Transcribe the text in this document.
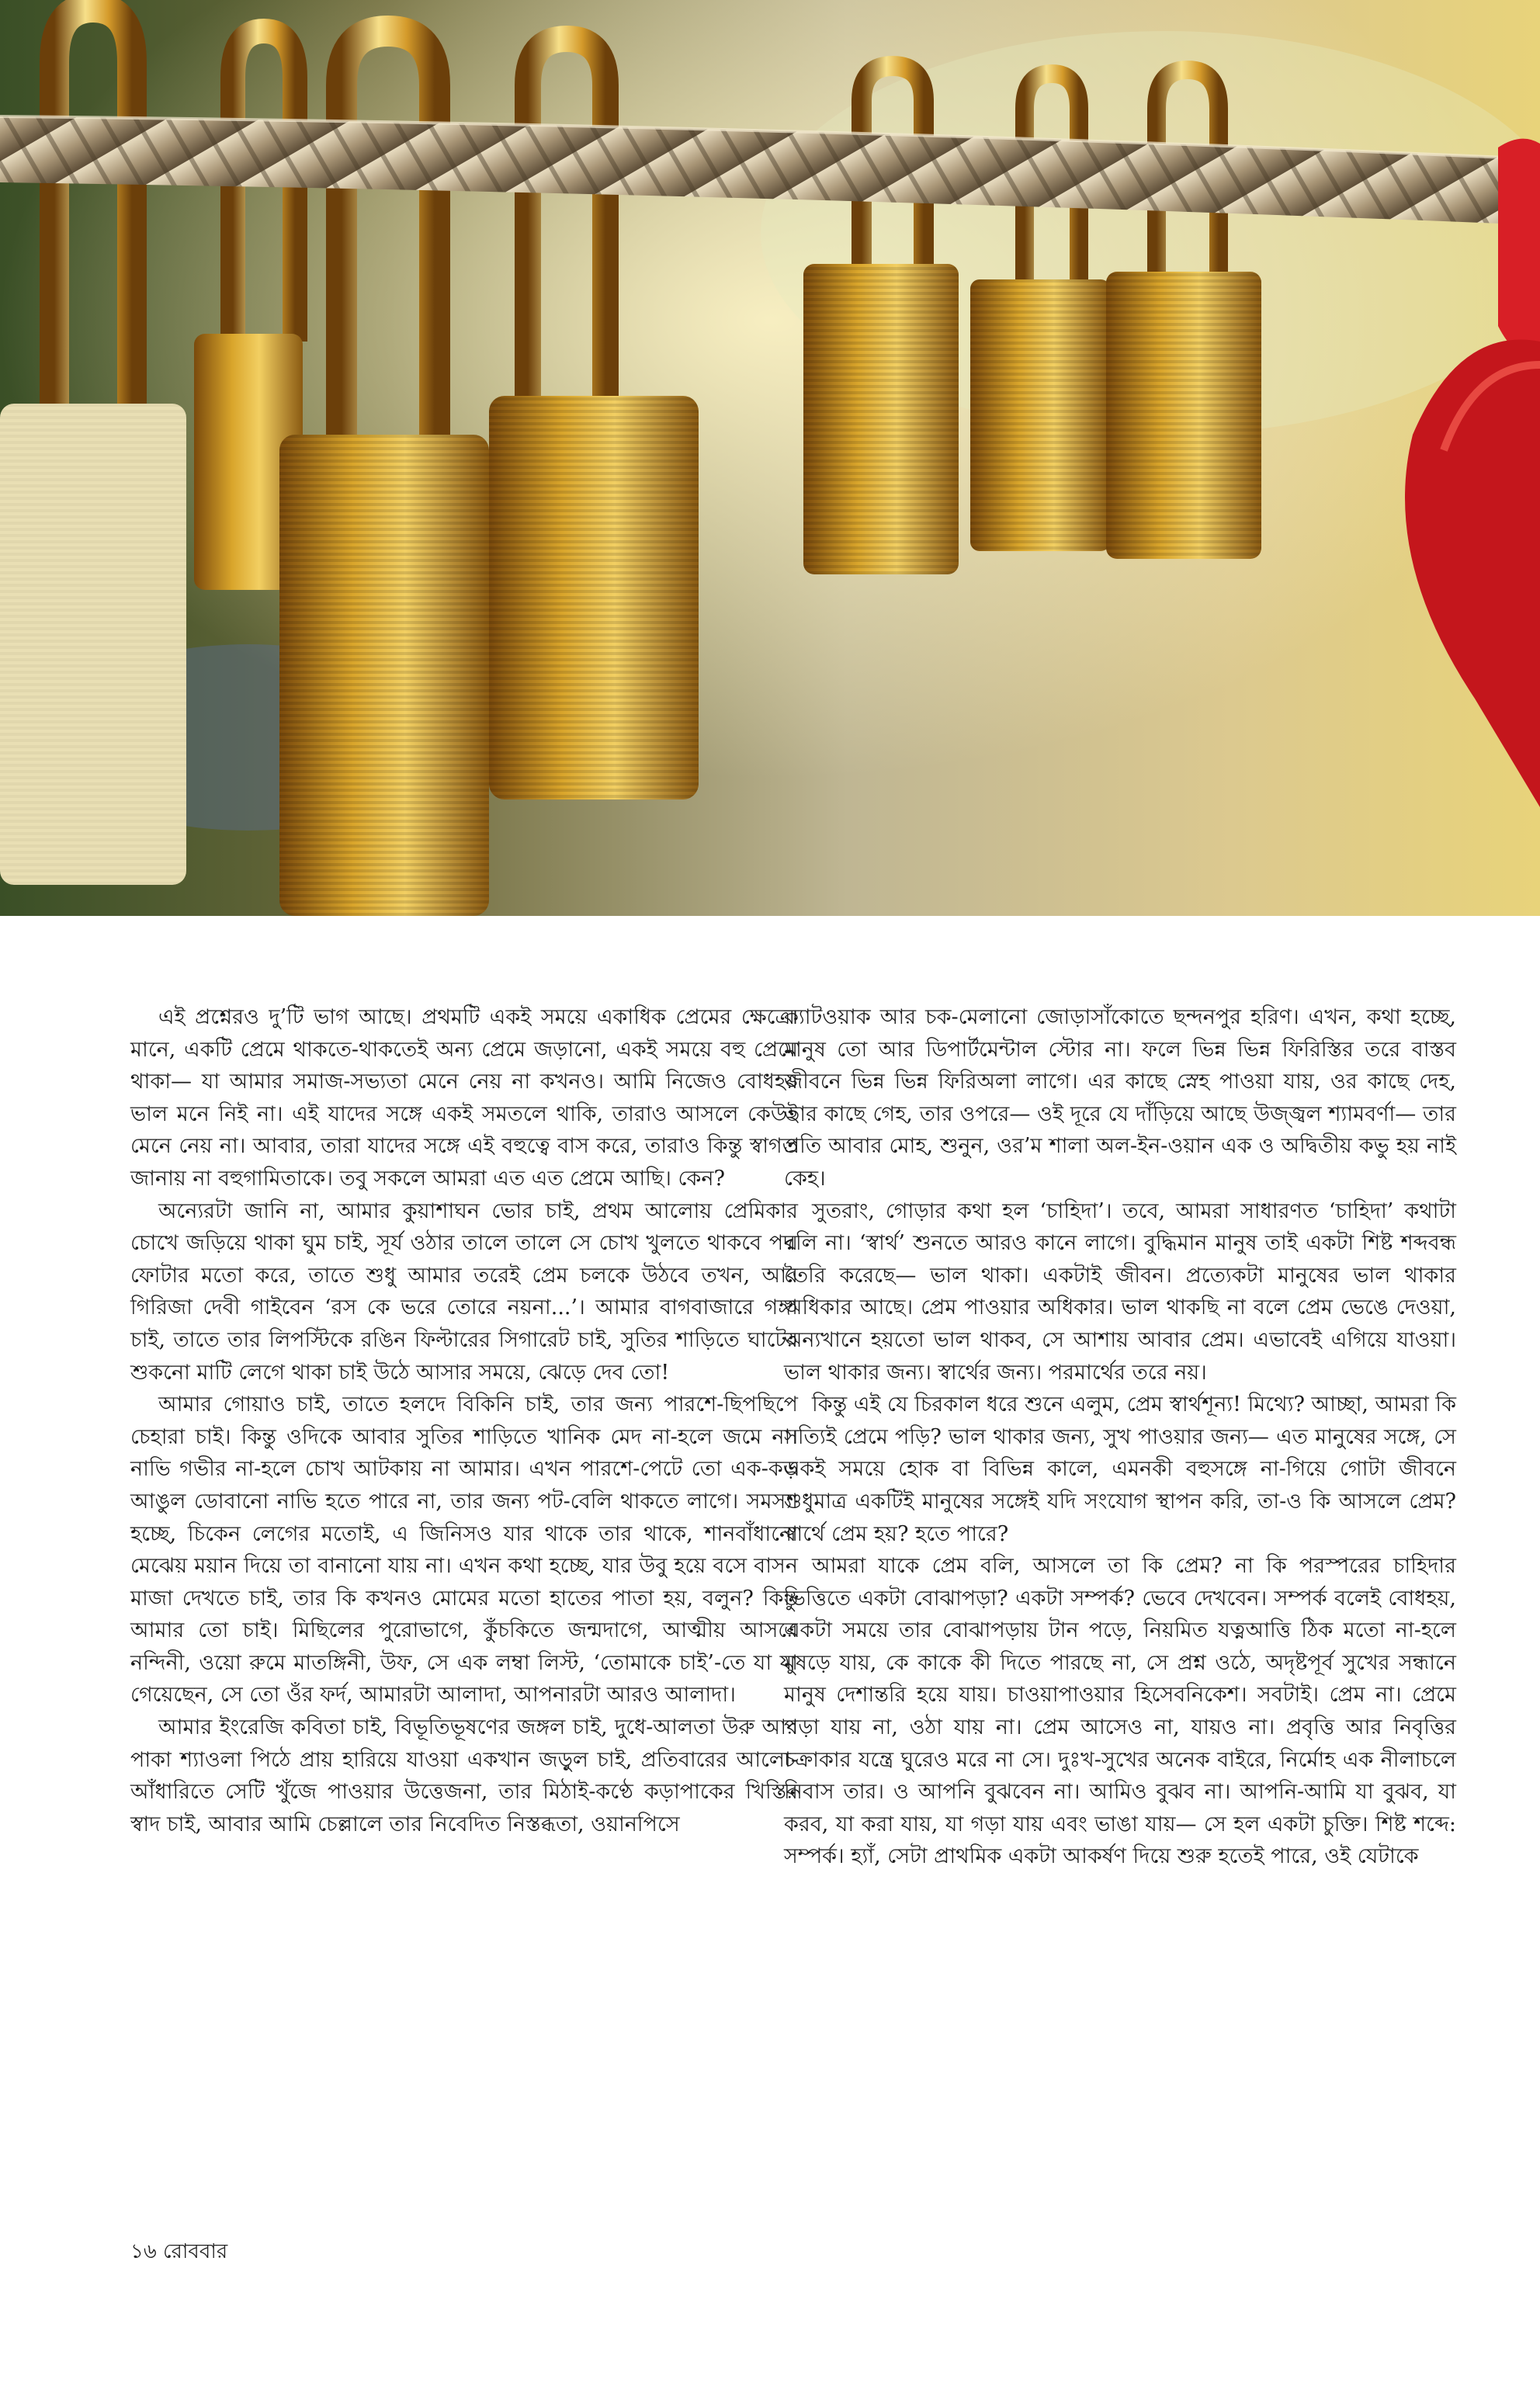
এই প্রশ্নেরও দু’টি ভাগ আছে। প্রথমটি একই সময়ে একাধিক প্রেমের ক্ষেত্রে। মানে, একটি প্রেমে থাকতে-থাকতেই অন্য প্রেমে জড়ানো, একই সময়ে বহু প্রেমে থাকা— যা আমার সমাজ-সভ্যতা মেনে নেয় না কখনও। আমি নিজেও বোধহয় ভাল মনে নিই না। এই যাদের সঙ্গে একই সমতলে থাকি, তারাও আসলে কেউই মেনে নেয় না। আবার, তারা যাদের সঙ্গে এই বহুত্বে বাস করে, তারাও কিন্তু স্বাগত জানায় না বহুগামিতাকে। তবু সকলে আমরা এত এত প্রেমে আছি। কেন?

অন্যেরটা জানি না, আমার কুয়াশাঘন ভোর চাই, প্রথম আলোয় প্রেমিকার চোখে জড়িয়ে থাকা ঘুম চাই, সূর্য ওঠার তালে তালে সে চোখ খুলতে থাকবে পদ্ম ফোটার মতো করে, তাতে শুধু আমার তরেই প্রেম চলকে উঠবে তখন, আর গিরিজা দেবী গাইবেন ‘রস কে ভরে তোরে নয়না...’। আমার বাগবাজারে গঙ্গা চাই, তাতে তার লিপস্টিকে রঙিন ফিল্টারের সিগারেট চাই, সুতির শাড়িতে ঘাটের শুকনো মাটি লেগে থাকা চাই উঠে আসার সময়ে, ঝেড়ে দেব তো!

আমার গোয়াও চাই, তাতে হলদে বিকিনি চাই, তার জন্য পারশে-ছিপছিপে চেহারা চাই। কিন্তু ওদিকে আবার সুতির শাড়িতে খানিক মেদ না-হলে জমে না। নাভি গভীর না-হলে চোখ আটকায় না আমার। এখন পারশে-পেটে তো এক-কড় আঙুল ডোবানো নাভি হতে পারে না, তার জন্য পট-বেলি থাকতে লাগে। সমস্যা হচ্ছে, চিকেন লেগের মতোই, এ জিনিসও যার থাকে তার থাকে, শানবাঁধানো মেঝেয় ময়ান দিয়ে তা বানানো যায় না। এখন কথা হচ্ছে, যার উবু হয়ে বসে বাসন মাজা দেখতে চাই, তার কি কখনও মোমের মতো হাতের পাতা হয়, বলুন? কিন্তু আমার তো চাই। মিছিলের পুরোভাগে, কুঁচকিতে জন্মদাগে, আত্মীয় আসরে নন্দিনী, ওয়ো রুমে মাতঙ্গিনী, উফ, সে এক লম্বা লিস্ট, ‘তোমাকে চাই’-তে যা যা গেয়েছেন, সে তো ওঁর ফর্দ, আমারটা আলাদা, আপনারটা আরও আলাদা।

আমার ইংরেজি কবিতা চাই, বিভূতিভূষণের জঙ্গল চাই, দুধে-আলতা উরু আর পাকা শ্যাওলা পিঠে প্রায় হারিয়ে যাওয়া একখান জড়ুল চাই, প্রতিবারের আলো-আঁধারিতে সেটি খুঁজে পাওয়ার উত্তেজনা, তার মিঠাই-কণ্ঠে কড়াপাকের খিস্তির স্বাদ চাই, আবার আমি চেল্লালে তার নিবেদিত নিস্তব্ধতা, ওয়ানপিসে

ক্যাটওয়াক আর চক-মেলানো জোড়াসাঁকোতে ছন্দনপুর হরিণ। এখন, কথা হচ্ছে, মানুষ তো আর ডিপার্টমেন্টাল স্টোর না। ফলে ভিন্ন ভিন্ন ফিরিস্তির তরে বাস্তব জীবনে ভিন্ন ভিন্ন ফিরিঅলা লাগে। এর কাছে স্নেহ পাওয়া যায়, ওর কাছে দেহ, তার কাছে গেহ, তার ওপরে— ওই দূরে যে দাঁড়িয়ে আছে উজ্জ্বল শ্যামবর্ণা— তার প্রতি আবার মোহ, শুনুন, ওর’ম শালা অল-ইন-ওয়ান এক ও অদ্বিতীয় কভু হয় নাই কেহ।

সুতরাং, গোড়ার কথা হল ‘চাহিদা’। তবে, আমরা সাধারণত ‘চাহিদা’ কথাটা বলি না। ‘স্বার্থ’ শুনতে আরও কানে লাগে। বুদ্ধিমান মানুষ তাই একটা শিষ্ট শব্দবন্ধ তৈরি করেছে— ভাল থাকা। একটাই জীবন। প্রত্যেকটা মানুষের ভাল থাকার অধিকার আছে। প্রেম পাওয়ার অধিকার। ভাল থাকছি না বলে প্রেম ভেঙে দেওয়া, অন্যখানে হয়তো ভাল থাকব, সে আশায় আবার প্রেম। এভাবেই এগিয়ে যাওয়া। ভাল থাকার জন্য। স্বার্থের জন্য। পরমার্থের তরে নয়।

কিন্তু এই যে চিরকাল ধরে শুনে এলুম, প্রেম স্বার্থশূন্য! মিথ্যে? আচ্ছা, আমরা কি সত্যিই প্রেমে পড়ি? ভাল থাকার জন্য, সুখ পাওয়ার জন্য— এত মানুষের সঙ্গে, সে একই সময়ে হোক বা বিভিন্ন কালে, এমনকী বহুসঙ্গে না-গিয়ে গোটা জীবনে শুধুমাত্র একটিই মানুষের সঙ্গেই যদি সংযোগ স্থাপন করি, তা-ও কি আসলে প্রেম? স্বার্থে প্রেম হয়? হতে পারে?

আমরা যাকে প্রেম বলি, আসলে তা কি প্রেম? না কি পরস্পরের চাহিদার ভিত্তিতে একটা বোঝাপড়া? একটা সম্পর্ক? ভেবে দেখবেন। সম্পর্ক বলেই বোধহয়, একটা সময়ে তার বোঝাপড়ায় টান পড়ে, নিয়মিত যত্নআত্তি ঠিক মতো না-হলে মুষড়ে যায়, কে কাকে কী দিতে পারছে না, সে প্রশ্ন ওঠে, অদৃষ্টপূর্ব সুখের সন্ধানে মানুষ দেশান্তরি হয়ে যায়। চাওয়াপাওয়ার হিসেবনিকেশ। সবটাই। প্রেম না। প্রেমে পড়া যায় না, ওঠা যায় না। প্রেম আসেও না, যায়ও না। প্রবৃত্তি আর নিবৃত্তির চক্রাকার যন্ত্রে ঘুরেও মরে না সে। দুঃখ-সুখের অনেক বাইরে, নির্মোহ এক নীলাচলে নিবাস তার। ও আপনি বুঝবেন না। আমিও বুঝব না। আপনি-আমি যা বুঝব, যা করব, যা করা যায়, যা গড়া যায় এবং ভাঙা যায়— সে হল একটা চুক্তি। শিষ্ট শব্দে: সম্পর্ক। হ্যাঁ, সেটা প্রাথমিক একটা আকর্ষণ দিয়ে শুরু হতেই পারে, ওই যেটাকে

১৬ রোববার
